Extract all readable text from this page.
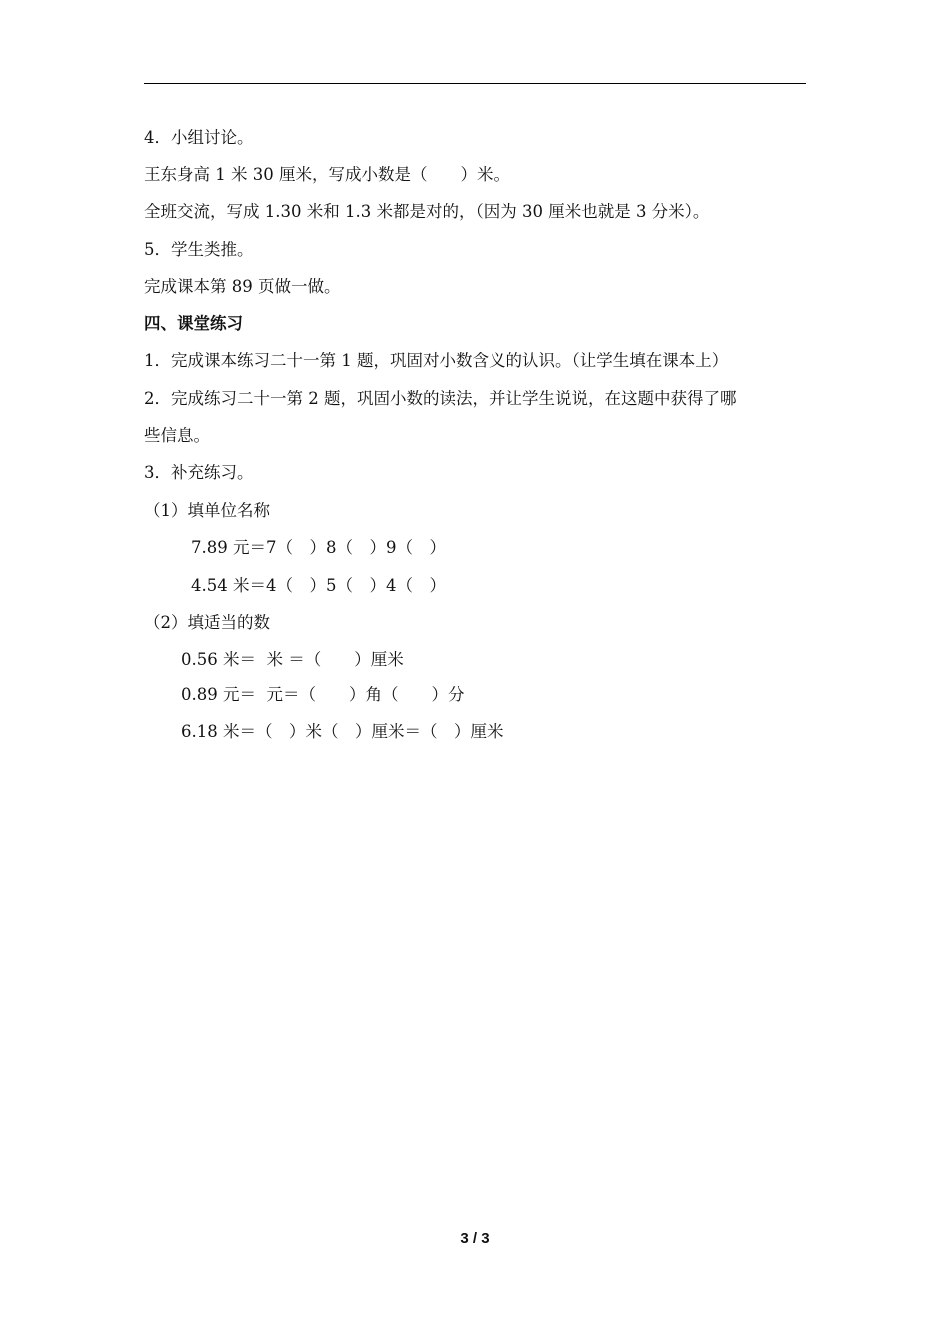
4．小组讨论。
王东身高 1 米 30 厘米，写成小数是（　　）米。
全班交流，写成 1.30 米和 1.3 米都是对的，（因为 30 厘米也就是 3 分米）。
5．学生类推。
完成课本第 89 页做一做。
四、课堂练习
1．完成课本练习二十一第 1 题，巩固对小数含义的认识。（让学生填在课本上）
2．完成练习二十一第 2 题，巩固小数的读法，并让学生说说，在这题中获得了哪
些信息。
3．补充练习。
（1）填单位名称
7.89 元＝7（　）8（　）9（　）
4.54 米＝4（　）5（　）4（　）
（2）填适当的数
0.56 米＝  米 ＝（　　）厘米
0.89 元＝  元＝（　　）角（　　）分
6.18 米＝（　）米（　）厘米＝（　）厘米
3 / 3
